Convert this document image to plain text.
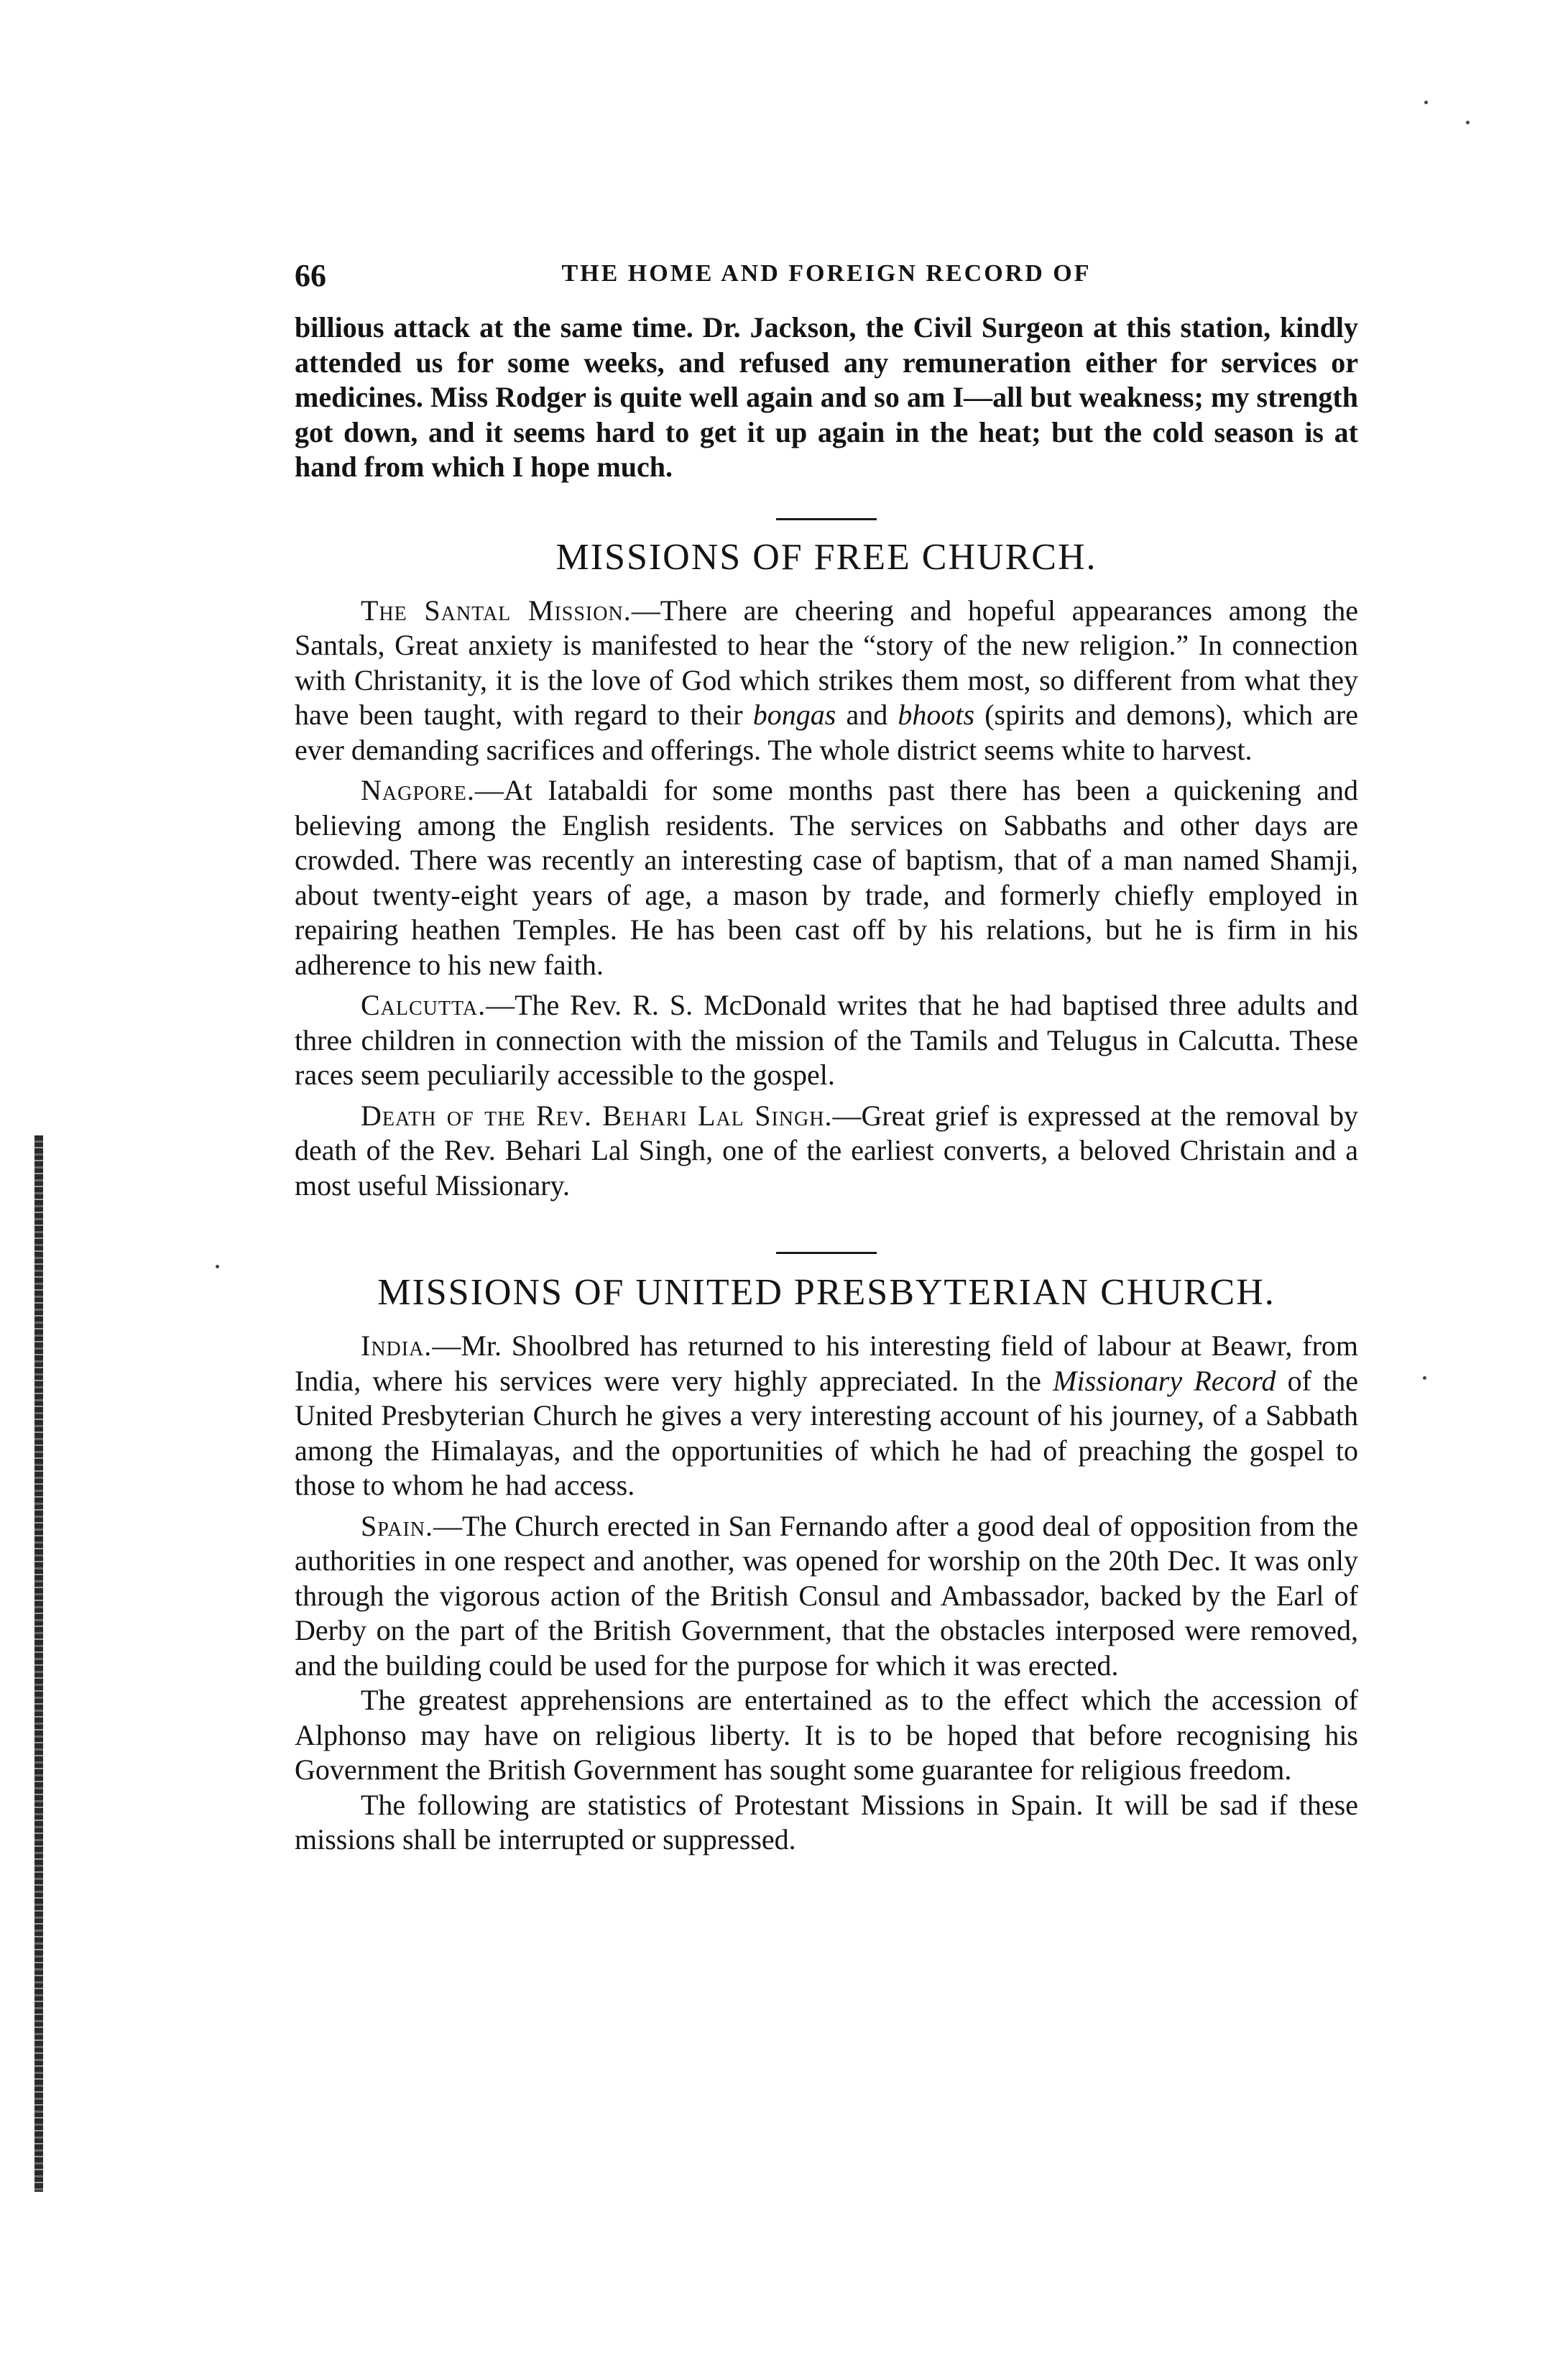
66	THE HOME AND FOREIGN RECORD OF

billious attack at the same time. Dr. Jackson, the Civil Surgeon at this station, kindly attended us for some weeks, and refused any remuneration either for services or medicines. Miss Rodger is quite well again and so am I—all but weakness; my strength got down, and it seems hard to get it up again in the heat; but the cold season is at hand from which I hope much.

MISSIONS OF FREE CHURCH.

The Santal Mission.—There are cheering and hopeful appearances among the Santals, Great anxiety is manifested to hear the “story of the new religion.” In connection with Christanity, it is the love of God which strikes them most, so different from what they have been taught, with regard to their bongas and bhoots (spirits and demons), which are ever demanding sacrifices and offerings. The whole district seems white to harvest.

Nagpore.—At Iatabaldi for some months past there has been a quickening and believing among the English residents. The services on Sabbaths and other days are crowded. There was recently an interesting case of baptism, that of a man named Shamji, about twenty-eight years of age, a mason by trade, and formerly chiefly employed in repairing heathen Temples. He has been cast off by his relations, but he is firm in his adherence to his new faith.

Calcutta.—The Rev. R. S. McDonald writes that he had baptised three adults and three children in connection with the mission of the Tamils and Telugus in Calcutta. These races seem peculiarily accessible to the gospel.

Death of the Rev. Behari Lal Singh.—Great grief is expressed at the removal by death of the Rev. Behari Lal Singh, one of the earliest converts, a beloved Christain and a most useful Missionary.

MISSIONS OF UNITED PRESBYTERIAN CHURCH.

India.—Mr. Shoolbred has returned to his interesting field of labour at Beawr, from India, where his services were very highly appreciated. In the Missionary Record of the United Presbyterian Church he gives a very interesting account of his journey, of a Sabbath among the Himalayas, and the opportunities of which he had of preaching the gospel to those to whom he had access.

Spain.—The Church erected in San Fernando after a good deal of opposition from the authorities in one respect and another, was opened for worship on the 20th Dec. It was only through the vigorous action of the British Consul and Ambassador, backed by the Earl of Derby on the part of the British Government, that the obstacles interposed were removed, and the building could be used for the purpose for which it was erected.

The greatest apprehensions are entertained as to the effect which the accession of Alphonso may have on religious liberty. It is to be hoped that before recognising his Government the British Government has sought some guarantee for religious freedom.

The following are statistics of Protestant Missions in Spain. It will be sad if these missions shall be interrupted or suppressed.
